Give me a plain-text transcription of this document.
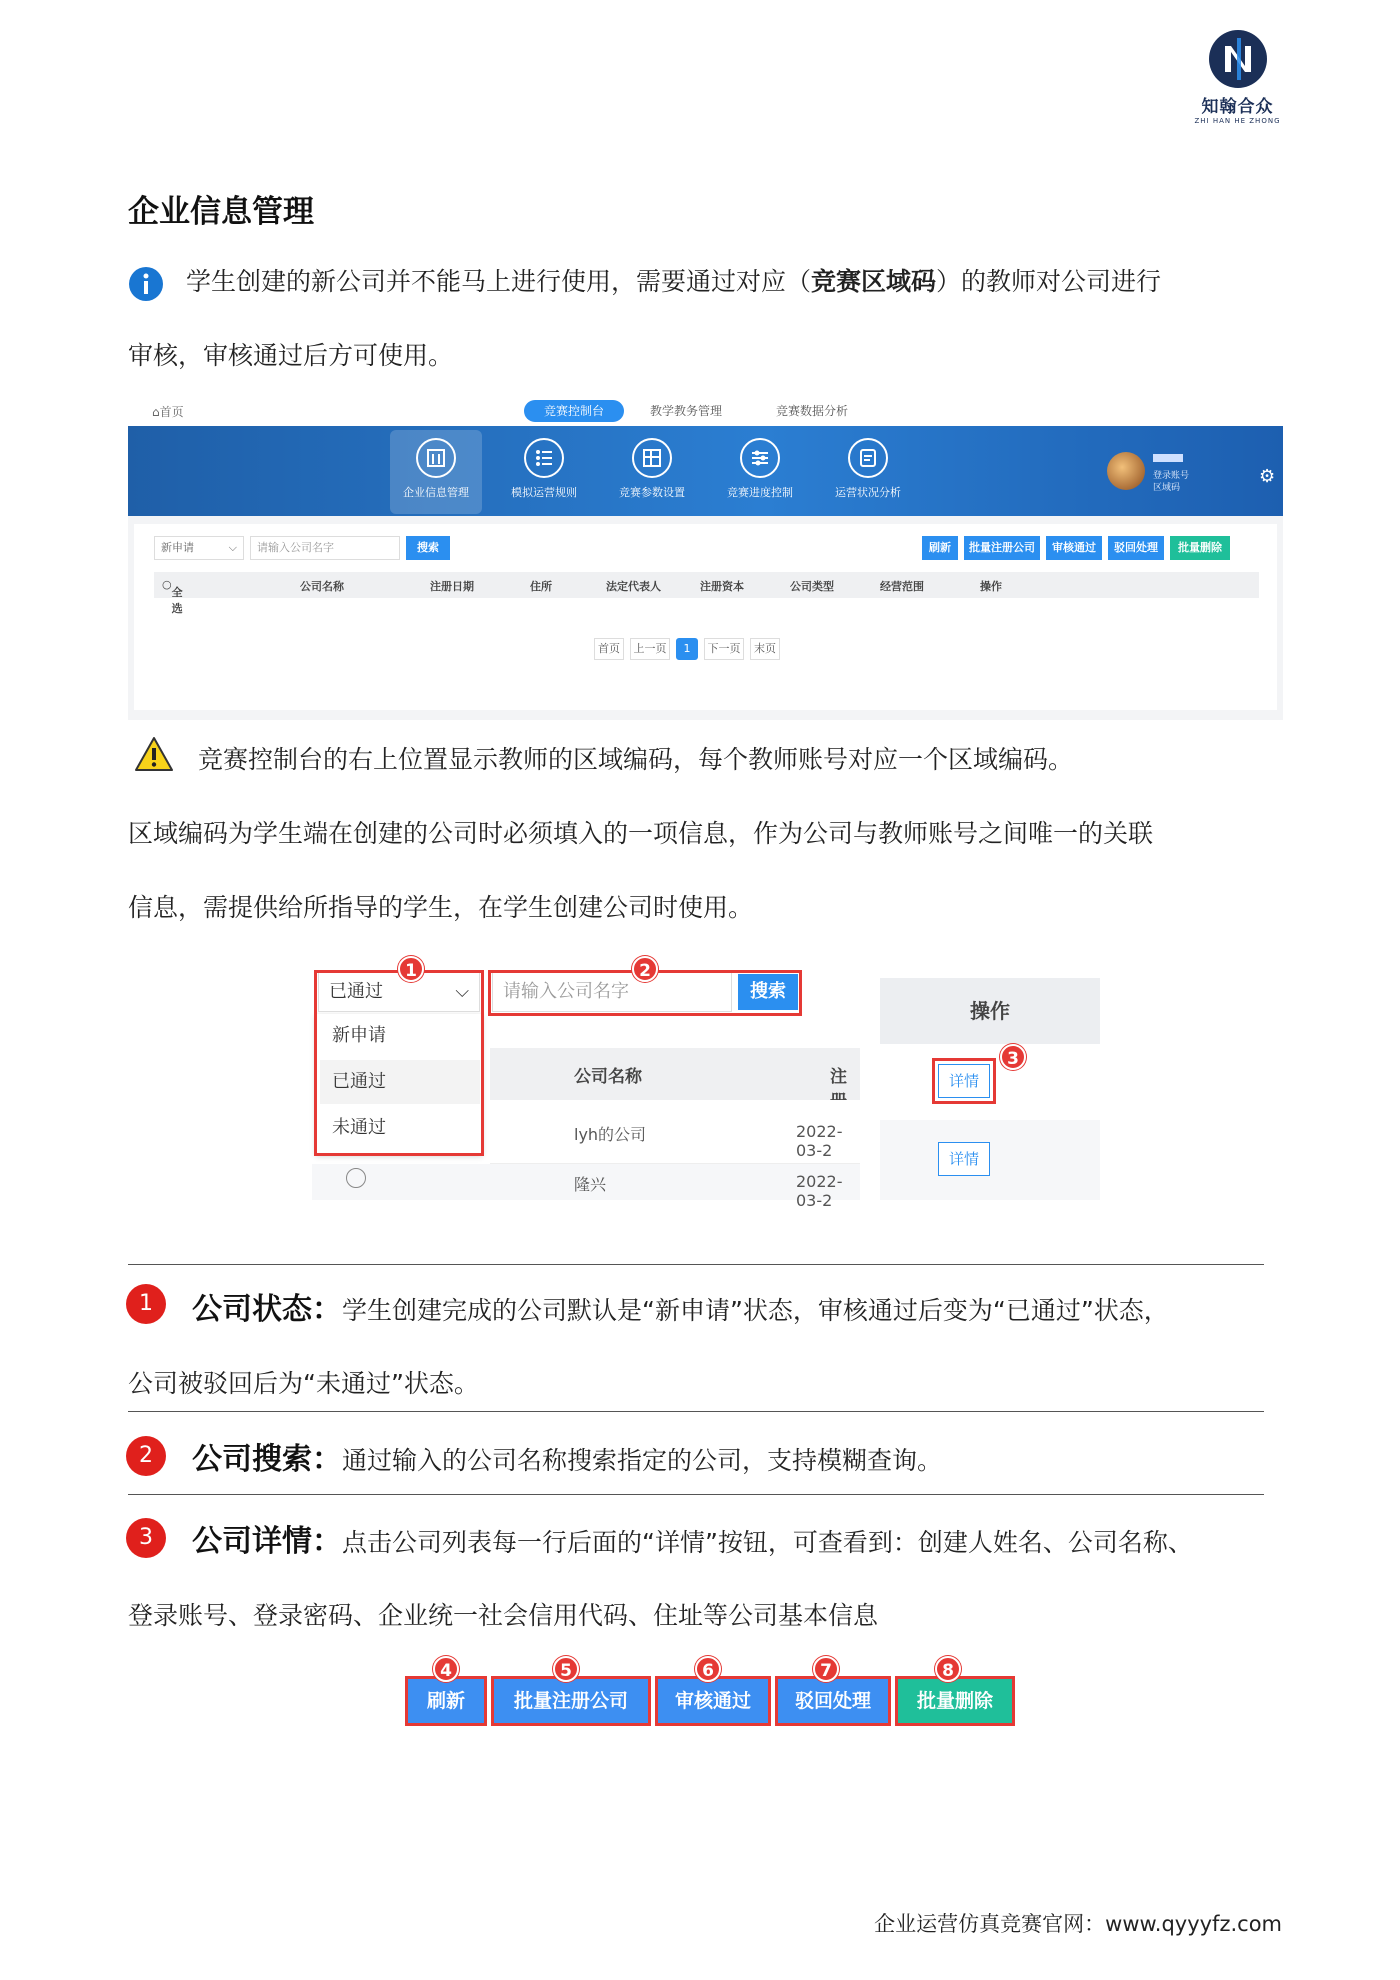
知翰合众
ZHI HAN HE ZHONG
企业信息管理
学生创建的新公司并不能马上进行使用，需要通过对应（竞赛区域码）的教师对公司进行
审核，审核通过后方可使用。
⌂首页	竞赛控制台	教学教务管理	竞赛数据分析
企业信息管理	模拟运营规则	竞赛参数设置	竞赛进度控制	运营状况分析
登录账号
区域码
⚙
新申请	⌵	请输入公司名字	搜索	刷新	批量注册公司	审核通过	驳回处理	批量删除
○
全选
公司名称	注册日期	住所	法定代表人	注册资本	公司类型	经营范围	操作
首页	上一页	1	下一页	末页
竞赛控制台的右上位置显示教师的区域编码，每个教师账号对应一个区域编码。
区域编码为学生端在创建的公司时必须填入的一项信息，作为公司与教师账号之间唯一的关联
信息，需提供给所指导的学生，在学生创建公司时使用。
公司名称	注
lyh的公司	2022-03-2
隆兴	2022-03-2
新申请
已通过
未通过
已通过	⌵	请输入公司名字	搜索
操作
详情
详情
1	2
3
1	公司状态：学生创建完成的公司默认是“新申请”状态，审核通过后变为“已通过”状态，
公司被驳回后为“未通过”状态。
2	公司搜索：通过输入的公司名称搜索指定的公司，支持模糊查询。
3	公司详情：点击公司列表每一行后面的“详情”按钮，可查看到：创建人姓名、公司名称、
登录账号、登录密码、企业统一社会信用代码、住址等公司基本信息
刷新	批量注册公司	审核通过	驳回处理	批量删除
4	5	6	7	8
企业运营仿真竞赛官网：www.qyyyfz.com
